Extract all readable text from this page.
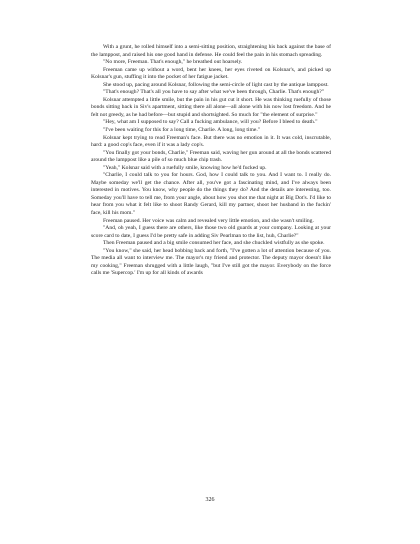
With a grunt, he rolled himself into a semi-sitting position, straightening his back against the base of the lamppost, and raised his one good hand in defense. He could feel the pain in his stomach spreading.

"No more, Freeman. That's enough," he breathed out hoarsely.

Freeman came up without a word, bent her knees, her eyes riveted on Kolsnar's, and picked up Kolsnar's gun, stuffing it into the pocket of her fatigue jacket.

She stood up, pacing around Kolsnar, following the semi-circle of light cast by the antique lamppost.

"That's enough? That's all you have to say after what we've been through, Charlie. That's enough?"

Kolsnar attempted a little smile, but the pain in his gut cut it short. He was thinking ruefully of those bonds sitting back in Siv's apartment, sitting there all alone—all alone with his now lost freedom. And he felt not greedy, as he had before—but stupid and shortsighted. So much for "the element of surprise."

"Hey, what am I supposed to say? Call a fucking ambulance, will you? Before I bleed to death."

"I've been waiting for this for a long time, Charlie. A long, long time."

Kolsnar kept trying to read Freeman's face. But there was no emotion in it. It was cold, inscrutable, hard: a good cop's face, even if it was a lady cop's.

"You finally got your bonds, Charlie," Freeman said, waving her gun around at all the bonds scattered around the lamppost like a pile of so much blue chip trash.

"Yeah," Kolsnar said with a ruefully smile, knowing how he'd fucked up.

"Charlie, I could talk to you for hours. God, how I could talk to you. And I want to. I really do. Maybe someday we'll get the chance. After all, you've got a fascinating mind, and I've always been interested in motives. You know, why people do the things they do? And the details are interesting, too. Someday you'll have to tell me, from your angle, about how you shot me that night at Big Dot's. I'd like to hear from you what it felt like to shoot Randy Gerard, kill my partner, shoot her husband in the fuckin' face, kill his mom."

Freeman paused. Her voice was calm and revealed very little emotion, and she wasn't smiling.

"And, oh yeah, I guess there are others, like those two old guards at your company. Looking at your score card to date, I guess I'd be pretty safe in adding Siv Pearlman to the list, huh, Charlie?"

Then Freeman paused and a big smile consumed her face, and she chuckled wistfully as she spoke.

"You know," she said, her head bobbing back and forth, "I've gotten a lot of attention because of you. The media all want to interview me. The mayor's my friend and protector. The deputy mayor doesn't like my cooking," Freeman shrugged with a little laugh, "but I've still got the mayor. Everybody on the force calls me 'Supercop.' I'm up for all kinds of awards

326
